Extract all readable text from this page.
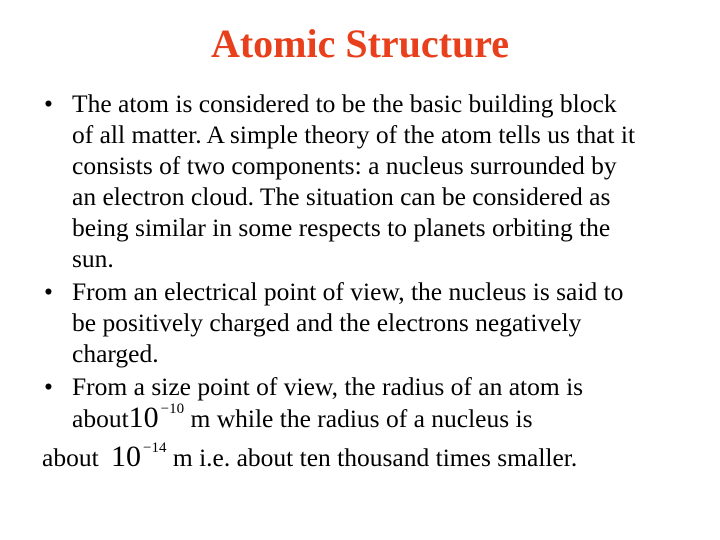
Atomic Structure
• The atom is considered to be the basic building block
of all matter. A simple theory of the atom tells us that it
consists of two components: a nucleus surrounded by
an electron cloud. The situation can be considered as
being similar in some respects to planets orbiting the
sun.
• From an electrical point of view, the nucleus is said to
be positively charged and the electrons negatively
charged.
• From a size point of view, the radius of an atom is
about10 $^{-10}$ m while the radius of a nucleus is
about 10 $^{-14}$ m i.e. about ten thousand times smaller.
